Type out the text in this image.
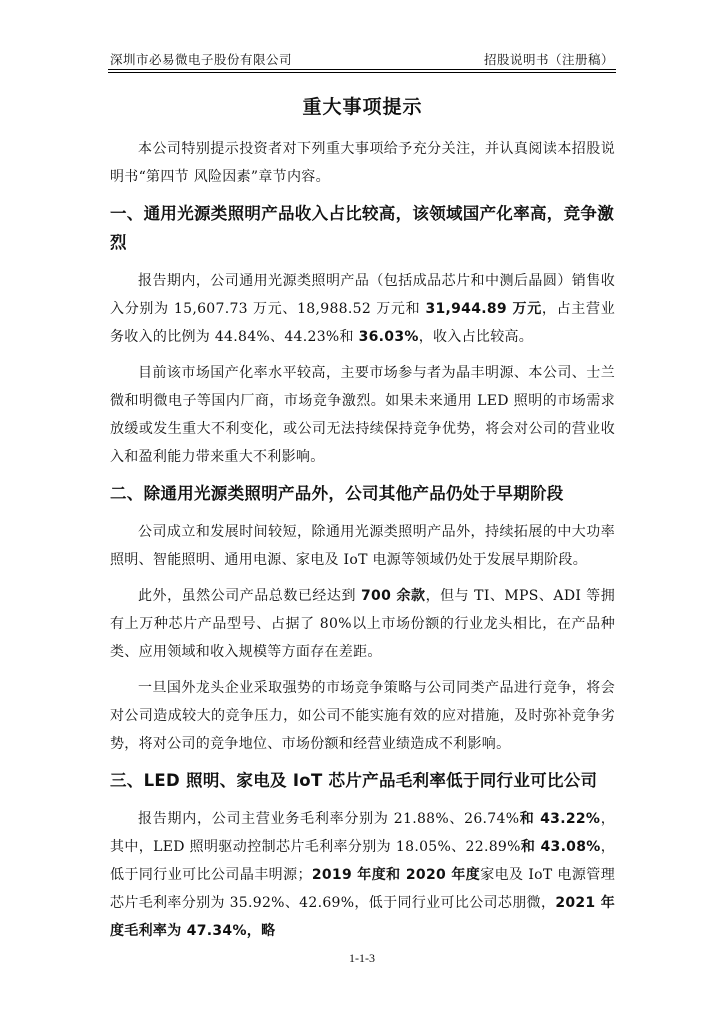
深圳市必易微电子股份有限公司	招股说明书（注册稿）
重大事项提示

本公司特别提示投资者对下列重大事项给予充分关注，并认真阅读本招股说明书“第四节 风险因素”章节内容。

一、通用光源类照明产品收入占比较高，该领域国产化率高，竞争激烈

报告期内，公司通用光源类照明产品（包括成品芯片和中测后晶圆）销售收入分别为 15,607.73 万元、18,988.52 万元和 31,944.89 万元，占主营业务收入的比例为 44.84%、44.23%和 36.03%，收入占比较高。

目前该市场国产化率水平较高，主要市场参与者为晶丰明源、本公司、士兰微和明微电子等国内厂商，市场竞争激烈。如果未来通用 LED 照明的市场需求放缓或发生重大不利变化，或公司无法持续保持竞争优势，将会对公司的营业收入和盈利能力带来重大不利影响。

二、除通用光源类照明产品外，公司其他产品仍处于早期阶段

公司成立和发展时间较短，除通用光源类照明产品外，持续拓展的中大功率照明、智能照明、通用电源、家电及 IoT 电源等领域仍处于发展早期阶段。

此外，虽然公司产品总数已经达到 700 余款，但与 TI、MPS、ADI 等拥有上万种芯片产品型号、占据了 80%以上市场份额的行业龙头相比，在产品种类、应用领域和收入规模等方面存在差距。

一旦国外龙头企业采取强势的市场竞争策略与公司同类产品进行竞争，将会对公司造成较大的竞争压力，如公司不能实施有效的应对措施，及时弥补竞争劣势，将对公司的竞争地位、市场份额和经营业绩造成不利影响。

三、LED 照明、家电及 IoT 芯片产品毛利率低于同行业可比公司

报告期内，公司主营业务毛利率分别为 21.88%、26.74%和 43.22%，其中，LED 照明驱动控制芯片毛利率分别为 18.05%、22.89%和 43.08%，低于同行业可比公司晶丰明源；2019 年度和 2020 年度家电及 IoT 电源管理芯片毛利率分别为 35.92%、42.69%，低于同行业可比公司芯朋微，2021 年度毛利率为 47.34%，略

1-1-3
